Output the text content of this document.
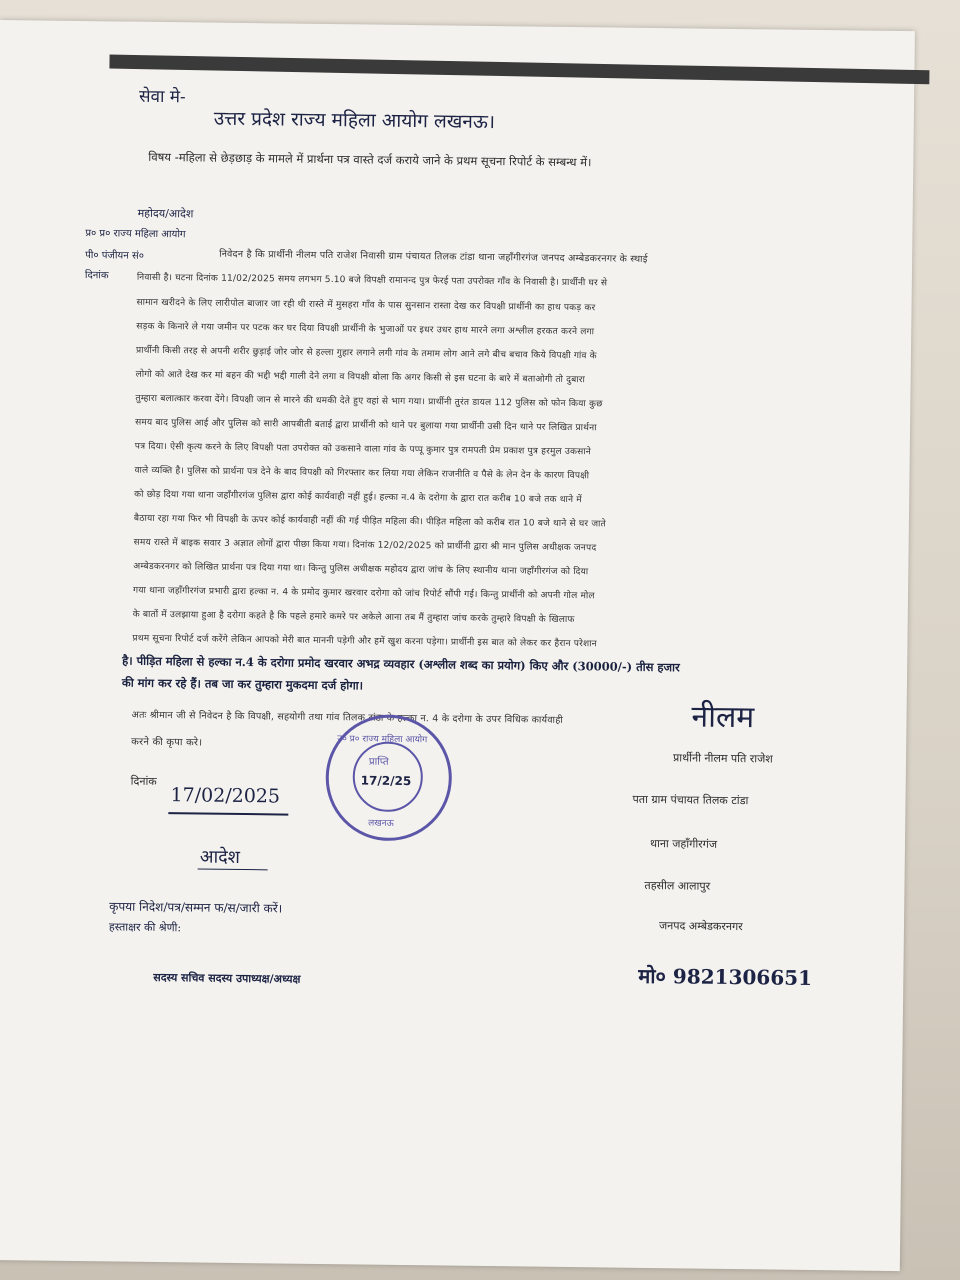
सेवा मे-
उत्तर प्रदेश राज्य महिला आयोग लखनऊ।
विषय -महिला से छेड़छाड़ के मामले में प्रार्थना पत्र वास्ते दर्ज कराये जाने के प्रथम सूचना रिपोर्ट के सम्बन्ध में।
महोदय/आदेश
प्र० प्र० राज्य महिला आयोग
पी० पंजीयन सं०
दिनांक
निवेदन है कि प्रार्थीनी नीलम पति राजेश निवासी ग्राम पंचायत तिलक टांडा थाना जहाँगीरगंज जनपद अम्बेडकरनगर के स्थाई
निवासी है। घटना दिनांक 11/02/2025 समय लगभग 5.10 बजे विपक्षी रामानन्द पुत्र फेरई पता उपरोक्त गाँव के निवासी है। प्रार्थीनी घर से
सामान खरीदने के लिए लारीपोल बाजार जा रही थी रास्ते में मुसहरा गाँव के पास सुनसान रास्ता देख कर विपक्षी प्रार्थीनी का हाथ पकड़ कर
सड़क के किनारे ले गया जमीन पर पटक कर घर दिया विपक्षी प्रार्थीनी के भुजाओं पर इधर उधर हाथ मारने लगा अश्लील हरकत करने लगा
प्रार्थीनी किसी तरह से अपनी शरीर छुड़ाई जोर जोर से हल्ला गुहार लगाने लगी गांव के तमाम लोग आने लगे बीच बचाव किये विपक्षी गांव के
लोगो को आते देख कर मां बहन की भद्दी भद्दी गाली देने लगा व विपक्षी बोला कि अगर किसी से इस घटना के बारे में बताओगी तो दुबारा
तुम्हारा बलात्कार करवा देंगे। विपक्षी जान से मारने की धमकी देते हुए वहां से भाग गया। प्रार्थीनी तुरंत डायल 112 पुलिस को फोन किया कुछ
समय बाद पुलिस आई और पुलिस को सारी आपबीती बताई द्वारा प्रार्थीनी को थाने पर बुलाया गया प्रार्थीनी उसी दिन थाने पर लिखित प्रार्थना
पत्र दिया। ऐसी कृत्य करने के लिए विपक्षी पता उपरोक्त को उकसाने वाला गांव के पप्पू कुमार पुत्र रामपती प्रेम प्रकाश पुत्र हरमुल उकसाने
वाले व्यक्ति है। पुलिस को प्रार्थना पत्र देने के बाद विपक्षी को गिरफ्तार कर लिया गया लेकिन राजनीति व पैसे के लेन देन के कारण विपक्षी
को छोड़ दिया गया थाना जहाँगीरगंज पुलिस द्वारा कोई कार्यवाही नहीं हुई। हल्का न.4 के दरोगा के द्वारा रात करीब 10 बजे तक थाने में
बैठाया रहा गया फिर भी विपक्षी के ऊपर कोई कार्यवाही नहीं की गई पीड़ित महिला की। पीड़ित महिला को करीब रात 10 बजे थाने से घर जाते
समय रास्ते में बाइक सवार 3 अज्ञात लोगों द्वारा पीछा किया गया। दिनांक 12/02/2025 को प्रार्थीनी द्वारा श्री मान पुलिस अधीक्षक जनपद
अम्बेडकरनगर को लिखित प्रार्थना पत्र दिया गया था। किन्तु पुलिस अधीक्षक महोदय द्वारा जांच के लिए स्थानीय थाना जहाँगीरगंज को दिया
गया थाना जहाँगीरगंज प्रभारी द्वारा हल्का न. 4 के प्रमोद कुमार खरवार दरोगा को जांच रिपोर्ट सौंपी गई। किन्तु प्रार्थीनी को अपनी गोल मोल
के बातों में उलझाया हुआ है दरोगा कहते है कि पहले हमारे कमरे पर अकेले आना तब मैं तुम्हारा जांच करके तुम्हारे विपक्षी के खिलाफ
प्रथम सूचना रिपोर्ट दर्ज करेंगे लेकिन आपको मेरी बात माननी पड़ेगी और हमें खुश करना पड़ेगा। प्रार्थीनी इस बात को लेकर कर हैरान परेशान
है। पीड़ित महिला से हल्का न.4 के दरोगा प्रमोद खरवार अभद्र व्यवहार (अश्लील शब्द का प्रयोग) किए और (30000/-) तीस हजार
की मांग कर रहे हैं। तब जा कर तुम्हारा मुकदमा दर्ज होगा।
अतः श्रीमान जी से निवेदन है कि विपक्षी, सहयोगी तथा गांव तिलक टांडा के हल्का न. 4 के दरोगा के उपर विधिक कार्यवाही
करने की कृपा करे।
दिनांक
17/02/2025
उ० प्र० राज्य महिला आयोग
प्राप्ति
17/2/25
लखनऊ
नीलम
प्रार्थीनी नीलम पति राजेश
पता ग्राम पंचायत तिलक टांडा
थाना जहाँगीरगंज
तहसील आलापुर
जनपद अम्बेडकरनगर
मो० 9821306651
आदेश
कृपया निदेश/पत्र/सम्मन फ/स/जारी करें।
हस्ताक्षर की श्रेणी:
सदस्य सचिव सदस्य उपाध्यक्ष/अध्यक्ष
